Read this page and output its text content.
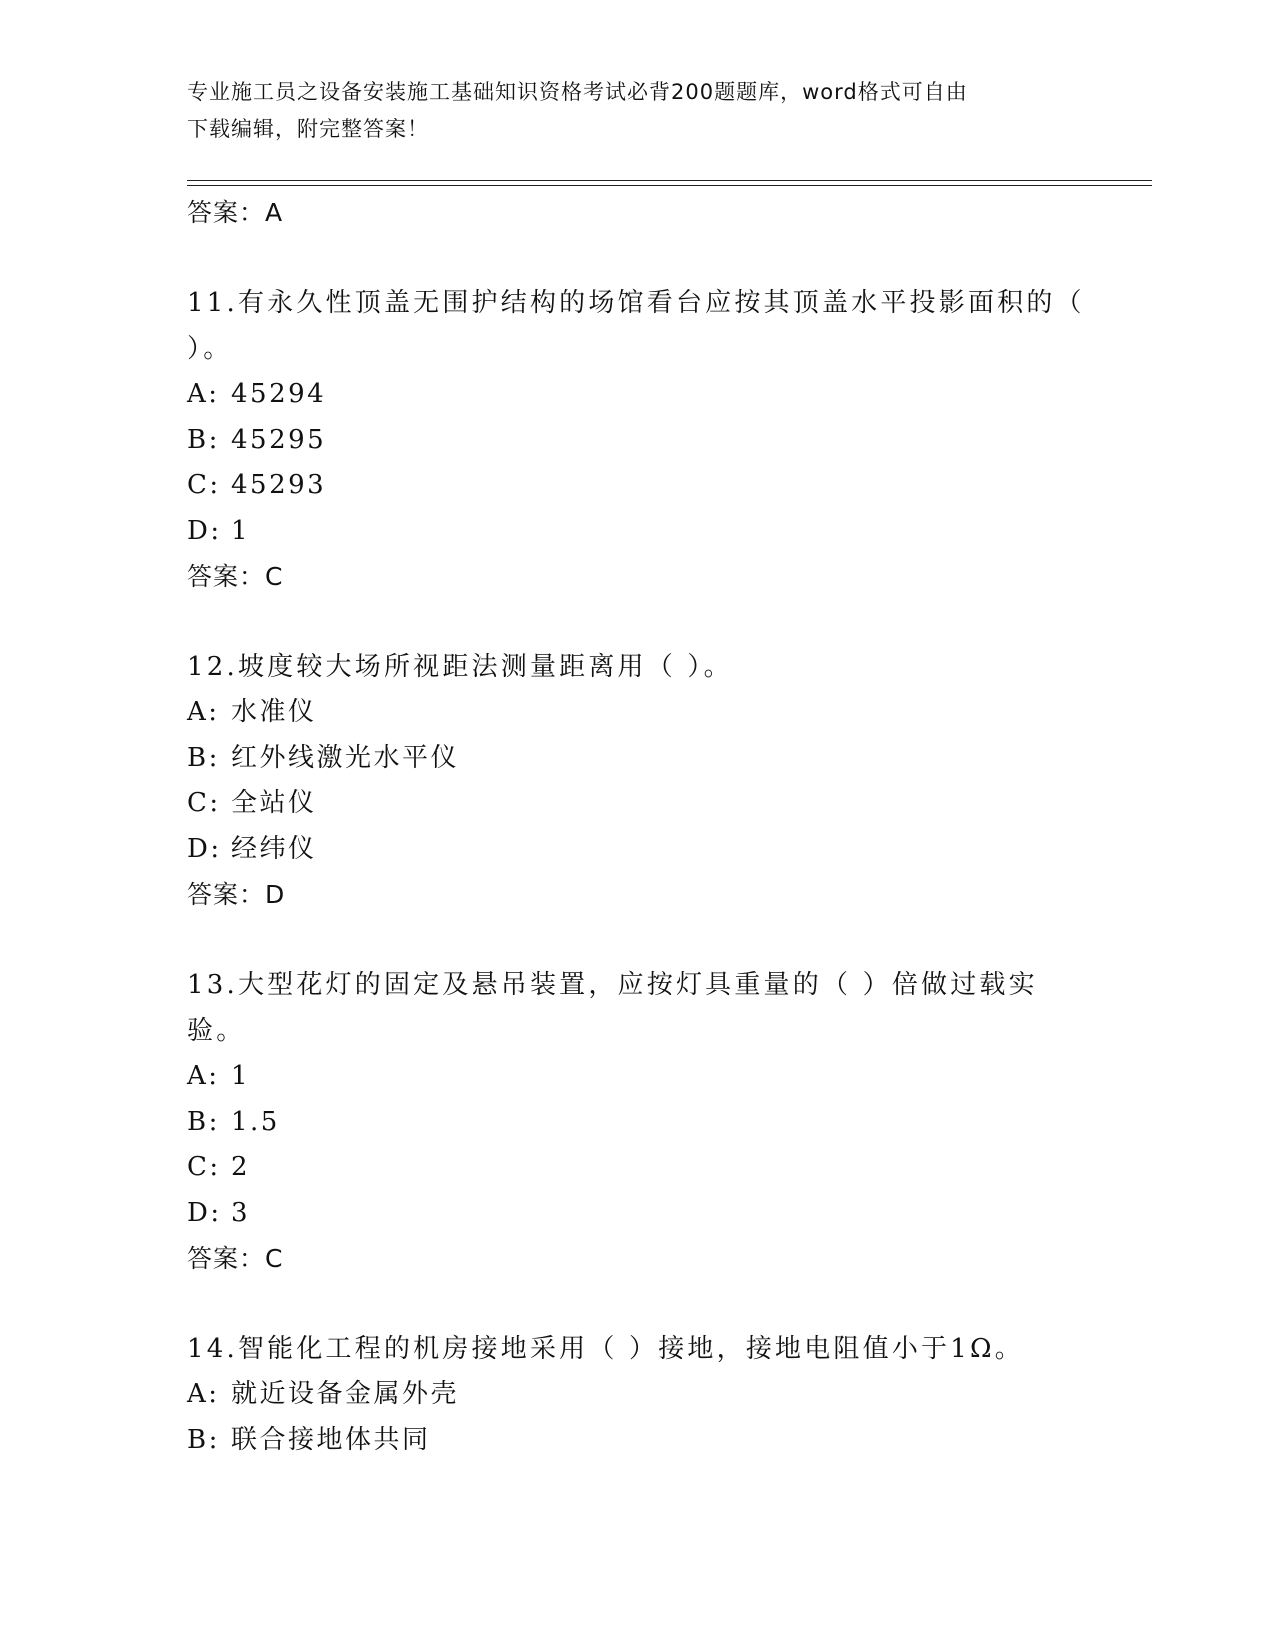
专业施工员之设备安装施工基础知识资格考试必背200题题库，word格式可自由
下载编辑，附完整答案！
答案：A
11.有永久性顶盖无围护结构的场馆看台应按其顶盖水平投影面积的（ ）。
A: 45294
B: 45295
C: 45293
D: 1
答案：C
12.坡度较大场所视距法测量距离用（ ）。
A: 水准仪
B: 红外线激光水平仪
C: 全站仪
D: 经纬仪
答案：D
13.大型花灯的固定及悬吊装置，应按灯具重量的（ ）倍做过载实验。
A: 1
B: 1.5
C: 2
D: 3
答案：C
14.智能化工程的机房接地采用（ ）接地，接地电阻值小于1Ω。
A: 就近设备金属外壳
B: 联合接地体共同
